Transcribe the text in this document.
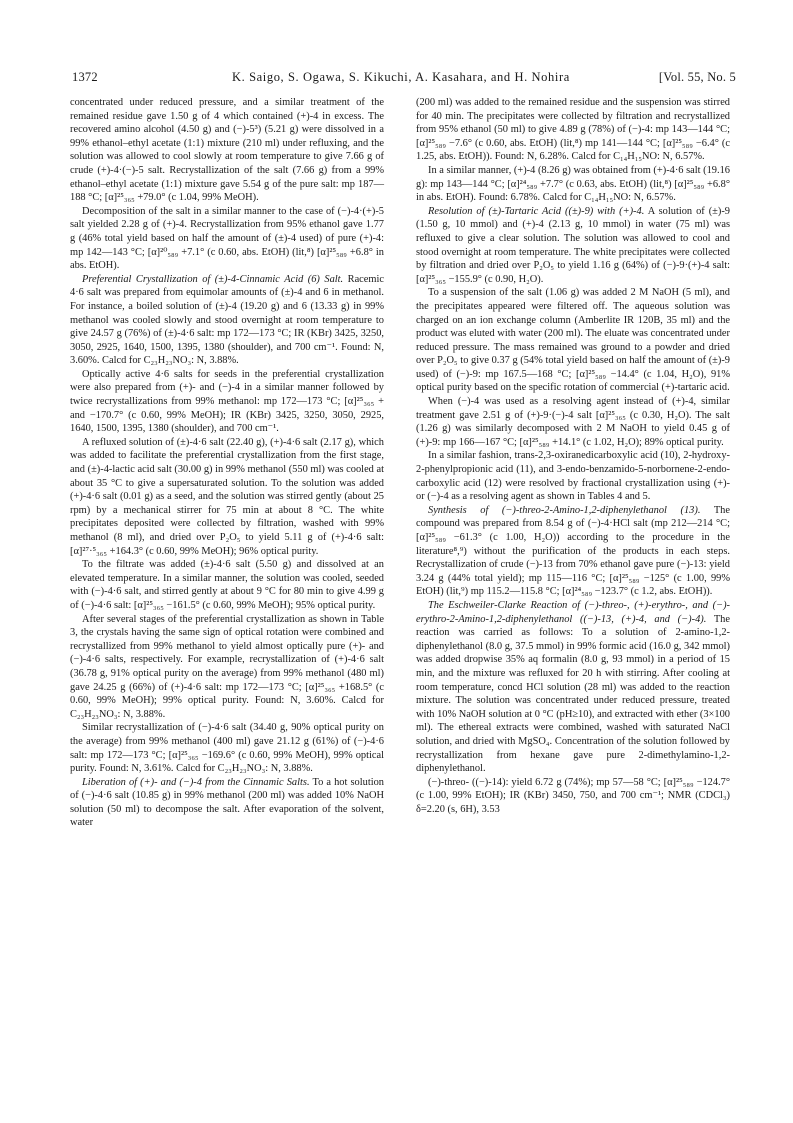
1372	K. Saigo, S. Ogawa, S. Kikuchi, A. Kasahara, and H. Nohira	[Vol. 55, No. 5

concentrated under reduced pressure, and a similar treatment of the remained residue gave 1.50 g of 4 which contained (+)-4 in excess. The recovered amino alcohol (4.50 g) and (−)-5³) (5.21 g) were dissolved in a 99% ethanol–ethyl acetate (1:1) mixture (210 ml) under refluxing, and the solution was allowed to cool slowly at room temperature to give 7.66 g of crude (+)-4·(−)-5 salt. Recrystallization of the salt (7.66 g) from a 99% ethanol–ethyl acetate (1:1) mixture gave 5.54 g of the pure salt: mp 187—188 °C; [α]²⁵₃₆₅ +79.0° (c 1.04, 99% MeOH).

Decomposition of the salt in a similar manner to the case of (−)-4·(+)-5 salt yielded 2.28 g of (+)-4. Recrystallization from 95% ethanol gave 1.77 g (46% total yield based on half the amount of (±)-4 used) of pure (+)-4: mp 142—143 °C; [α]²⁰₅₈₉ +7.1° (c 0.60, abs. EtOH) (lit,⁸) [α]²⁵₅₈₉ +6.8° in abs. EtOH).

Preferential Crystallization of (±)-4-Cinnamic Acid (6) Salt. Racemic 4·6 salt was prepared from equimolar amounts of (±)-4 and 6 in methanol. For instance, a boiled solution of (±)-4 (19.20 g) and 6 (13.33 g) in 99% methanol was cooled slowly and stood overnight at room temperature to give 24.57 g (76%) of (±)-4·6 salt: mp 172—173 °C; IR (KBr) 3425, 3250, 3050, 2925, 1640, 1500, 1395, 1380 (shoulder), and 700 cm⁻¹. Found: N, 3.60%. Calcd for C₂₃H₂₃NO₃: N, 3.88%.

Optically active 4·6 salts for seeds in the preferential crystallization were also prepared from (+)- and (−)-4 in a similar manner followed by twice recrystallizations from 99% methanol: mp 172—173 °C; [α]²⁵₃₆₅ + and −170.7° (c 0.60, 99% MeOH); IR (KBr) 3425, 3250, 3050, 2925, 1640, 1500, 1395, 1380 (shoulder), and 700 cm⁻¹.

A refluxed solution of (±)-4·6 salt (22.40 g), (+)-4·6 salt (2.17 g), which was added to facilitate the preferential crystallization from the first stage, and (±)-4-lactic acid salt (30.00 g) in 99% methanol (550 ml) was cooled at about 35 °C to give a supersaturated solution. To the solution was added (+)-4·6 salt (0.01 g) as a seed, and the solution was stirred gently (about 25 rpm) by a mechanical stirrer for 75 min at about 8 °C. The white precipitates deposited were collected by filtration, washed with 99% methanol (8 ml), and dried over P₂O₅ to yield 5.11 g of (+)-4·6 salt: [α]²⁷·⁵₃₆₅ +164.3° (c 0.60, 99% MeOH); 96% optical purity.

To the filtrate was added (±)-4·6 salt (5.50 g) and dissolved at an elevated temperature. In a similar manner, the solution was cooled, seeded with (−)-4·6 salt, and stirred gently at about 9 °C for 80 min to give 4.99 g of (−)-4·6 salt: [α]²⁵₃₆₅ −161.5° (c 0.60, 99% MeOH); 95% optical purity.

After several stages of the preferential crystallization as shown in Table 3, the crystals having the same sign of optical rotation were combined and recrystallized from 99% methanol to yield almost optically pure (+)- and (−)-4·6 salts, respectively. For example, recrystallization of (+)-4·6 salt (36.78 g, 91% optical purity on the average) from 99% methanol (480 ml) gave 24.25 g (66%) of (+)-4·6 salt: mp 172—173 °C; [α]²⁵₃₆₅ +168.5° (c 0.60, 99% MeOH); 99% optical purity. Found: N, 3.60%. Calcd for C₂₃H₂₃NO₃: N, 3.88%.

Similar recrystallization of (−)-4·6 salt (34.40 g, 90% optical purity on the average) from 99% methanol (400 ml) gave 21.12 g (61%) of (−)-4·6 salt: mp 172—173 °C; [α]²⁵₃₆₅ −169.6° (c 0.60, 99% MeOH), 99% optical purity. Found: N, 3.61%. Calcd for C₂₃H₂₃NO₃: N, 3.88%.

Liberation of (+)- and (−)-4 from the Cinnamic Salts. To a hot solution of (−)-4·6 salt (10.85 g) in 99% methanol (200 ml) was added 10% NaOH solution (50 ml) to decompose the salt. After evaporation of the solvent, water

(200 ml) was added to the remained residue and the suspension was stirred for 40 min. The precipitates were collected by filtration and recrystallized from 95% ethanol (50 ml) to give 4.89 g (78%) of (−)-4: mp 143—144 °C; [α]²⁵₅₈₉ −7.6° (c 0.60, abs. EtOH) (lit,⁸) mp 141—144 °C; [α]²⁵₅₈₉ −6.4° (c 1.25, abs. EtOH)). Found: N, 6.28%. Calcd for C₁₄H₁₅NO: N, 6.57%.

In a similar manner, (+)-4 (8.26 g) was obtained from (+)-4·6 salt (19.16 g): mp 143—144 °C; [α]²⁴₅₈₉ +7.7° (c 0.63, abs. EtOH) (lit,⁸) [α]²⁵₅₈₉ +6.8° in abs. EtOH). Found: 6.78%. Calcd for C₁₄H₁₅NO: N, 6.57%.

Resolution of (±)-Tartaric Acid ((±)-9) with (+)-4. A solution of (±)-9 (1.50 g, 10 mmol) and (+)-4 (2.13 g, 10 mmol) in water (75 ml) was refluxed to give a clear solution. The solution was allowed to cool and stood overnight at room temperature. The white precipitates were collected by filtration and dried over P₂O₅ to yield 1.16 g (64%) of (−)-9·(+)-4 salt: [α]²⁵₃₆₅ −155.9° (c 0.90, H₂O).

To a suspension of the salt (1.06 g) was added 2 M NaOH (5 ml), and the precipitates appeared were filtered off. The aqueous solution was charged on an ion exchange column (Amberlite IR 120B, 35 ml) and the product was eluted with water (200 ml). The eluate was concentrated under reduced pressure. The mass remained was ground to a powder and dried over P₂O₅ to give 0.37 g (54% total yield based on half the amount of (±)-9 used) of (−)-9: mp 167.5—168 °C; [α]²⁵₅₈₉ −14.4° (c 1.04, H₂O), 91% optical purity based on the specific rotation of commercial (+)-tartaric acid.

When (−)-4 was used as a resolving agent instead of (+)-4, similar treatment gave 2.51 g of (+)-9·(−)-4 salt [α]²⁵₃₆₅ (c 0.30, H₂O). The salt (1.26 g) was similarly decomposed with 2 M NaOH to yield 0.45 g of (+)-9: mp 166—167 °C; [α]²⁵₅₈₉ +14.1° (c 1.02, H₂O); 89% optical purity.

In a similar fashion, trans-2,3-oxiranedicarboxylic acid (10), 2-hydroxy-2-phenylpropionic acid (11), and 3-endo-benzamido-5-norbornene-2-endo-carboxylic acid (12) were resolved by fractional crystallization using (+)- or (−)-4 as a resolving agent as shown in Tables 4 and 5.

Synthesis of (−)-threo-2-Amino-1,2-diphenylethanol (13). The compound was prepared from 8.54 g of (−)-4·HCl salt (mp 212—214 °C; [α]²⁵₅₈₉ −61.3° (c 1.00, H₂O)) according to the procedure in the literature⁸,⁹) without the purification of the products in each steps. Recrystallization of crude (−)-13 from 70% ethanol gave pure (−)-13: yield 3.24 g (44% total yield); mp 115—116 °C; [α]²⁵₅₈₉ −125° (c 1.00, 99% EtOH) (lit,⁹) mp 115.2—115.8 °C; [α]²⁴₅₈₉ −123.7° (c 1.2, abs. EtOH)).

The Eschweiler-Clarke Reaction of (−)-threo-, (+)-erythro-, and (−)-erythro-2-Amino-1,2-diphenylethanol ((−)-13, (+)-4, and (−)-4). The reaction was carried as follows: To a solution of 2-amino-1,2-diphenylethanol (8.0 g, 37.5 mmol) in 99% formic acid (16.0 g, 342 mmol) was added dropwise 35% aq formalin (8.0 g, 93 mmol) in a period of 15 min, and the mixture was refluxed for 20 h with stirring. After cooling at room temperature, concd HCl solution (28 ml) was added to the reaction mixture. The solution was concentrated under reduced pressure, treated with 10% NaOH solution at 0 °C (pH≥10), and extracted with ether (3×100 ml). The ethereal extracts were combined, washed with saturated NaCl solution, and dried with MgSO₄. Concentration of the solution followed by recrystallization from hexane gave pure 2-dimethylamino-1,2-diphenylethanol.

(−)-threo- ((−)-14): yield 6.72 g (74%); mp 57—58 °C; [α]²⁵₅₈₉ −124.7° (c 1.00, 99% EtOH); IR (KBr) 3450, 750, and 700 cm⁻¹; NMR (CDCl₃) δ=2.20 (s, 6H), 3.53
